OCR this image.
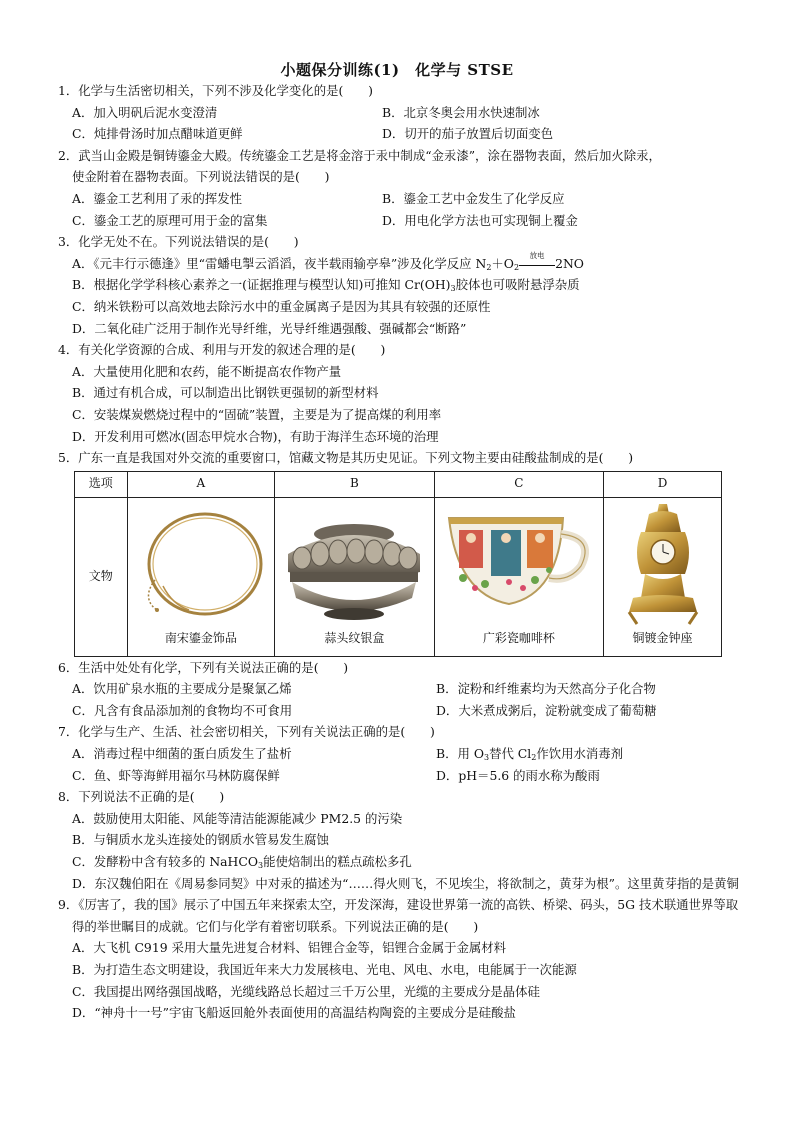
小题保分训练(1)　化学与 STSE
1．化学与生活密切相关，下列不涉及化学变化的是(　　)
A．加入明矾后泥水变澄清	B．北京冬奥会用水快速制冰
C．炖排骨汤时加点醋味道更鲜	D．切开的茄子放置后切面变色
2．武当山金殿是铜铸鎏金大殿。传统鎏金工艺是将金溶于汞中制成“金汞漆”，涂在器物表面，然后加火除汞，
使金附着在器物表面。下列说法错误的是(　　)
A．鎏金工艺利用了汞的挥发性	B．鎏金工艺中金发生了化学反应
C．鎏金工艺的原理可用于金的富集	D．用电化学方法也可实现铜上覆金
3．化学无处不在。下列说法错误的是(　　)
A．《元丰行示德逢》里“雷蟠电掣云滔滔，夜半载雨输亭皋”涉及化学反应 $N_2+O_2$
放电
2NO
B．根据化学学科核心素养之一(证据推理与模型认知)可推知 $Cr(OH)_3$胶体也可吸附悬浮杂质
C．纳米铁粉可以高效地去除污水中的重金属离子是因为其具有较强的还原性
D．二氧化硅广泛用于制作光导纤维，光导纤维遇强酸、强碱都会“断路”
4．有关化学资源的合成、利用与开发的叙述合理的是(　　)
A．大量使用化肥和农药，能不断提高农作物产量
B．通过有机合成，可以制造出比钢铁更强韧的新型材料
C．安装煤炭燃烧过程中的“固硫”装置，主要是为了提高煤的利用率
D．开发利用可燃冰(固态甲烷水合物)，有助于海洋生态环境的治理
5．广东一直是我国对外交流的重要窗口，馆藏文物是其历史见证。下列文物主要由硅酸盐制成的是(　　)
选项	A	B	C	D
文物	南宋鎏金饰品	蒜头纹银盒	广彩瓷咖啡杯	铜镀金钟座
6．生活中处处有化学，下列有关说法正确的是(　　)
A．饮用矿泉水瓶的主要成分是聚氯乙烯	B．淀粉和纤维素均为天然高分子化合物
C．凡含有食品添加剂的食物均不可食用	D．大米煮成粥后，淀粉就变成了葡萄糖
7．化学与生产、生活、社会密切相关，下列有关说法正确的是(　　)
A．消毒过程中细菌的蛋白质发生了盐析	B．用 $O_3$替代 $Cl_2$作饮用水消毒剂
C．鱼、虾等海鲜用福尔马林防腐保鲜	D．pH＝5.6 的雨水称为酸雨
8．下列说法不正确的是(　　)
A．鼓励使用太阳能、风能等清洁能源能减少 PM2.5 的污染
B．与铜质水龙头连接处的钢质水管易发生腐蚀
C．发酵粉中含有较多的 NaHCO$_3$能使焙制出的糕点疏松多孔
D．东汉魏伯阳在《周易参同契》中对汞的描述为“……得火则飞，不见埃尘，将欲制之，黄芽为根”。这里黄芽指的是黄铜
9．《厉害了，我的国》展示了中国五年来探索太空，开发深海，建设世界第一流的高铁、桥梁、码头，5G 技术联通世界等取得的举世瞩目的成就。它们与化学有着密切联系。下列说法正确的是(　　)
A．大飞机 C919 采用大量先进复合材料、铝锂合金等，铝锂合金属于金属材料
B．为打造生态文明建设，我国近年来大力发展核电、光电、风电、水电，电能属于一次能源
C．我国提出网络强国战略，光缆线路总长超过三千万公里，光缆的主要成分是晶体硅
D．“神舟十一号”宇宙飞船返回舱外表面使用的高温结构陶瓷的主要成分是硅酸盐
